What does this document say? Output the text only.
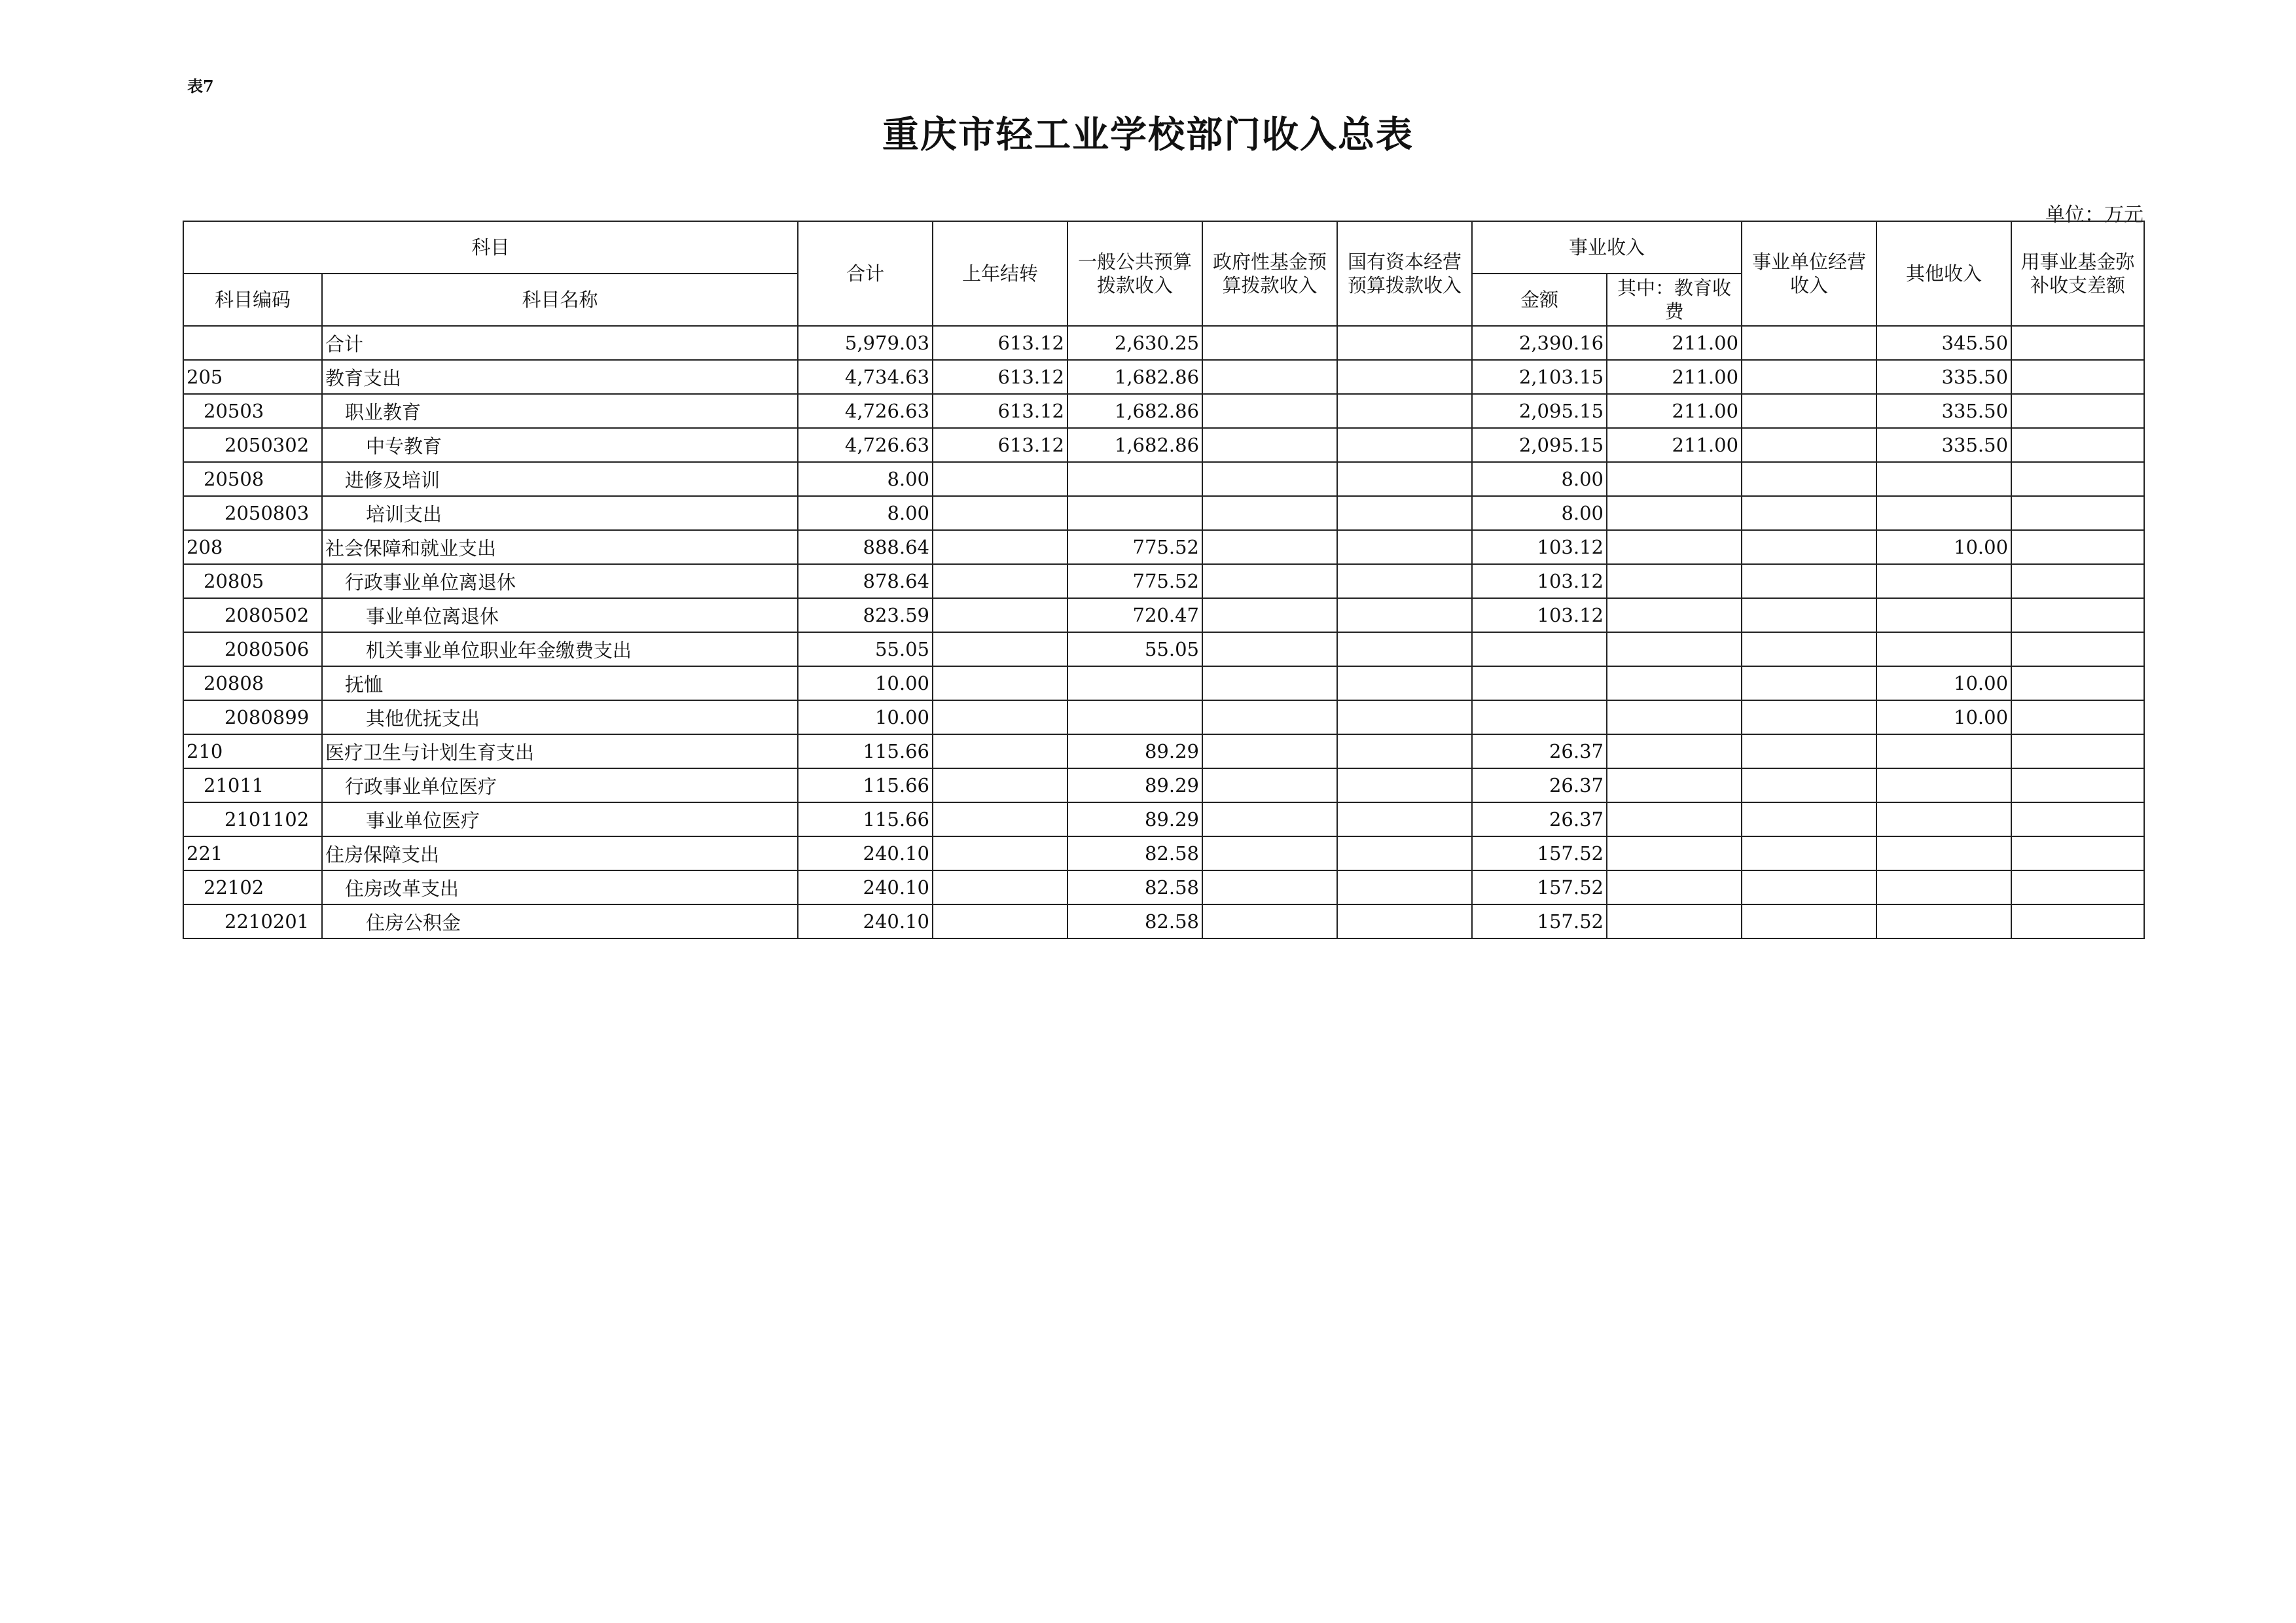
表7
重庆市轻工业学校部门收入总表
单位：万元
科目		合计	上年结转	一般公共预算拨款收入	政府性基金预算拨款收入	国有资本经营预算拨款收入	事业收入		事业单位经营收入	其他收入	用事业基金弥补收支差额
科目编码	科目名称						金额	其中：教育收费			
	合计	5,979.03	613.12	2,630.25			2,390.16	211.00		345.50	
205	教育支出	4,734.63	613.12	1,682.86			2,103.15	211.00		335.50	
20503	职业教育	4,726.63	613.12	1,682.86			2,095.15	211.00		335.50	
2050302	中专教育	4,726.63	613.12	1,682.86			2,095.15	211.00		335.50	
20508	进修及培训	8.00					8.00				
2050803	培训支出	8.00					8.00				
208	社会保障和就业支出	888.64		775.52			103.12			10.00	
20805	行政事业单位离退休	878.64		775.52			103.12				
2080502	事业单位离退休	823.59		720.47			103.12				
2080506	机关事业单位职业年金缴费支出	55.05		55.05							
20808	抚恤	10.00								10.00	
2080899	其他优抚支出	10.00								10.00	
210	医疗卫生与计划生育支出	115.66		89.29			26.37				
21011	行政事业单位医疗	115.66		89.29			26.37				
2101102	事业单位医疗	115.66		89.29			26.37				
221	住房保障支出	240.10		82.58			157.52				
22102	住房改革支出	240.10		82.58			157.52				
2210201	住房公积金	240.10		82.58			157.52				
